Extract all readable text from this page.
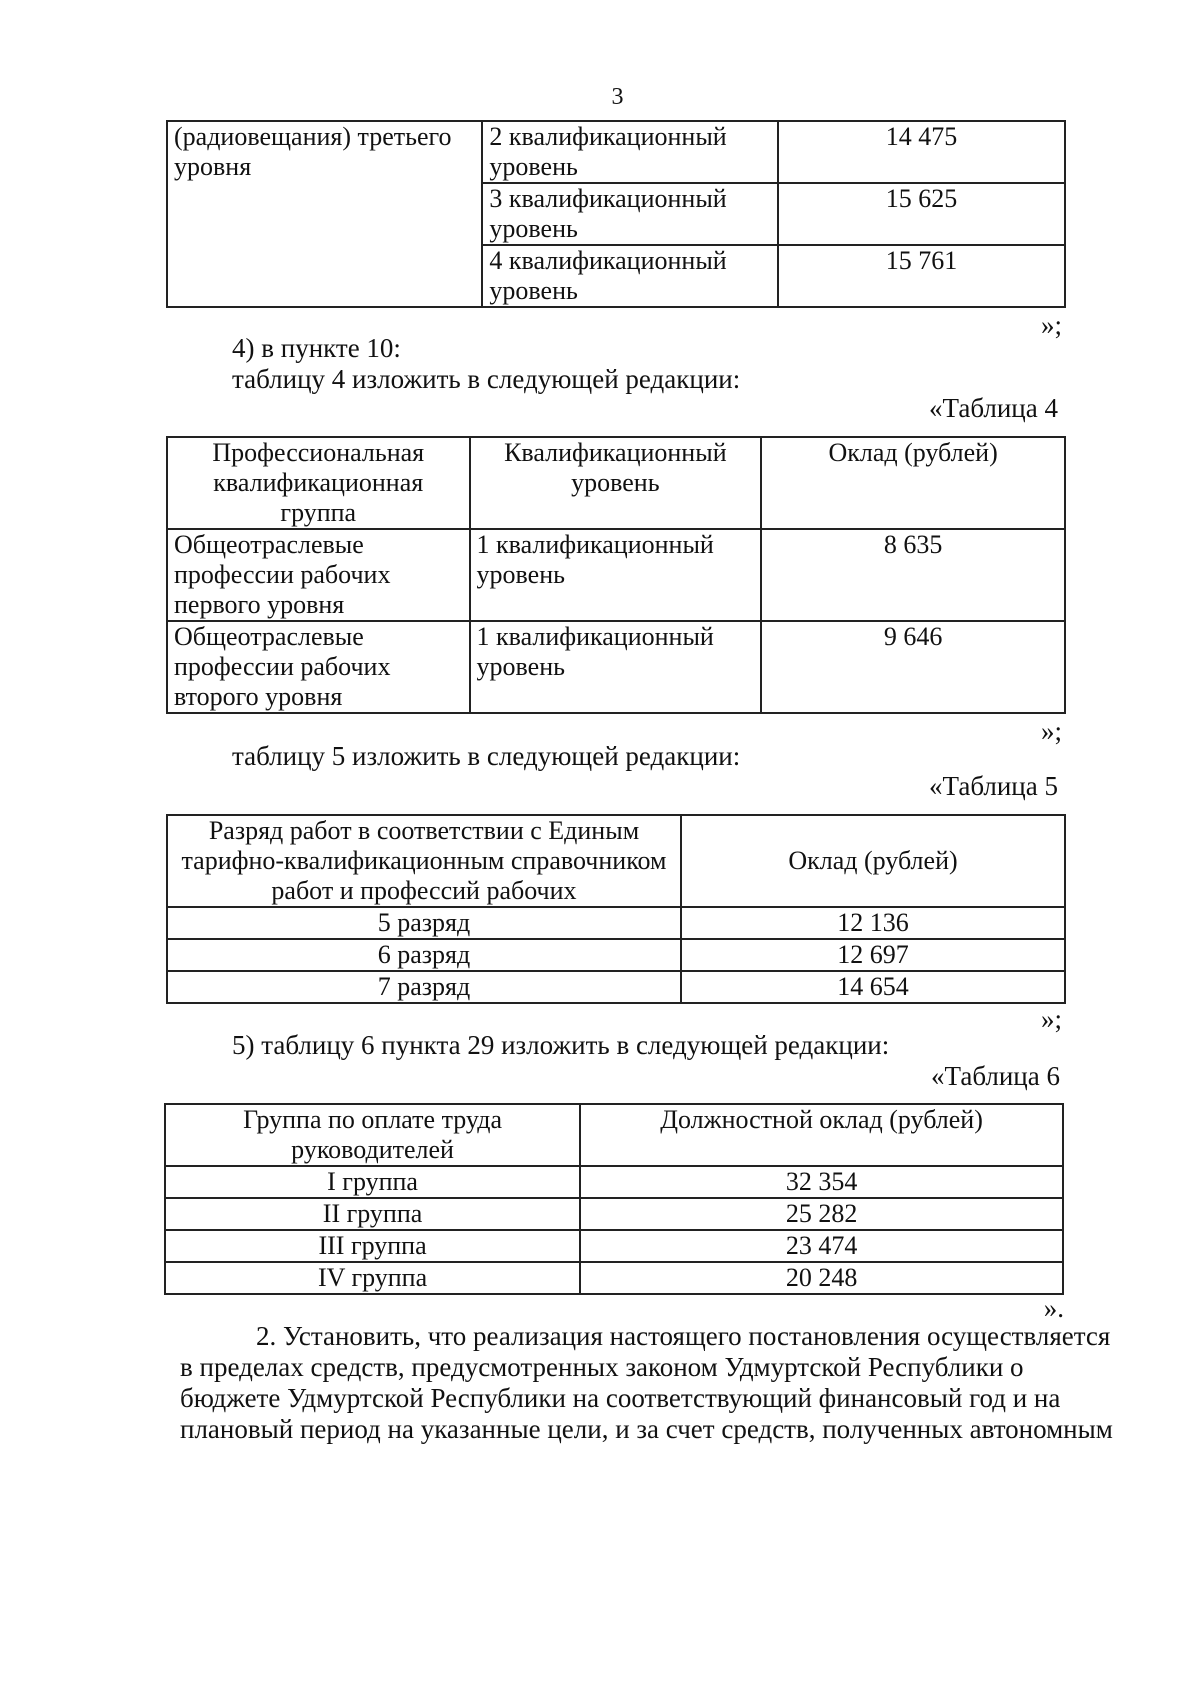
3
(радиовещания) третьего уровня	2 квалификационный уровень	14 475
	3 квалификационный уровень	15 625
	4 квалификационный уровень	15 761
»;
4) в пункте 10:
таблицу 4 изложить в следующей редакции:
«Таблица 4
Профессиональная квалификационная группа	Квалификационный уровень	Оклад (рублей)
Общеотраслевые профессии рабочих первого уровня	1 квалификационный уровень	8 635
Общеотраслевые профессии рабочих второго уровня	1 квалификационный уровень	9 646
»;
таблицу 5 изложить в следующей редакции:
«Таблица 5
Разряд работ в соответствии с Единым тарифно-квалификационным справочником работ и профессий рабочих	Оклад (рублей)
5 разряд	12 136
6 разряд	12 697
7 разряд	14 654
»;
5) таблицу 6 пункта 29 изложить в следующей редакции:
«Таблица 6
Группа по оплате труда руководителей	Должностной оклад (рублей)
I группа	32 354
II группа	25 282
III группа	23 474
IV группа	20 248
».
2. Установить, что реализация настоящего постановления осуществляется
в пределах средств, предусмотренных законом Удмуртской Республики о
бюджете Удмуртской Республики на соответствующий финансовый год и на
плановый период на указанные цели, и за счет средств, полученных автономным
